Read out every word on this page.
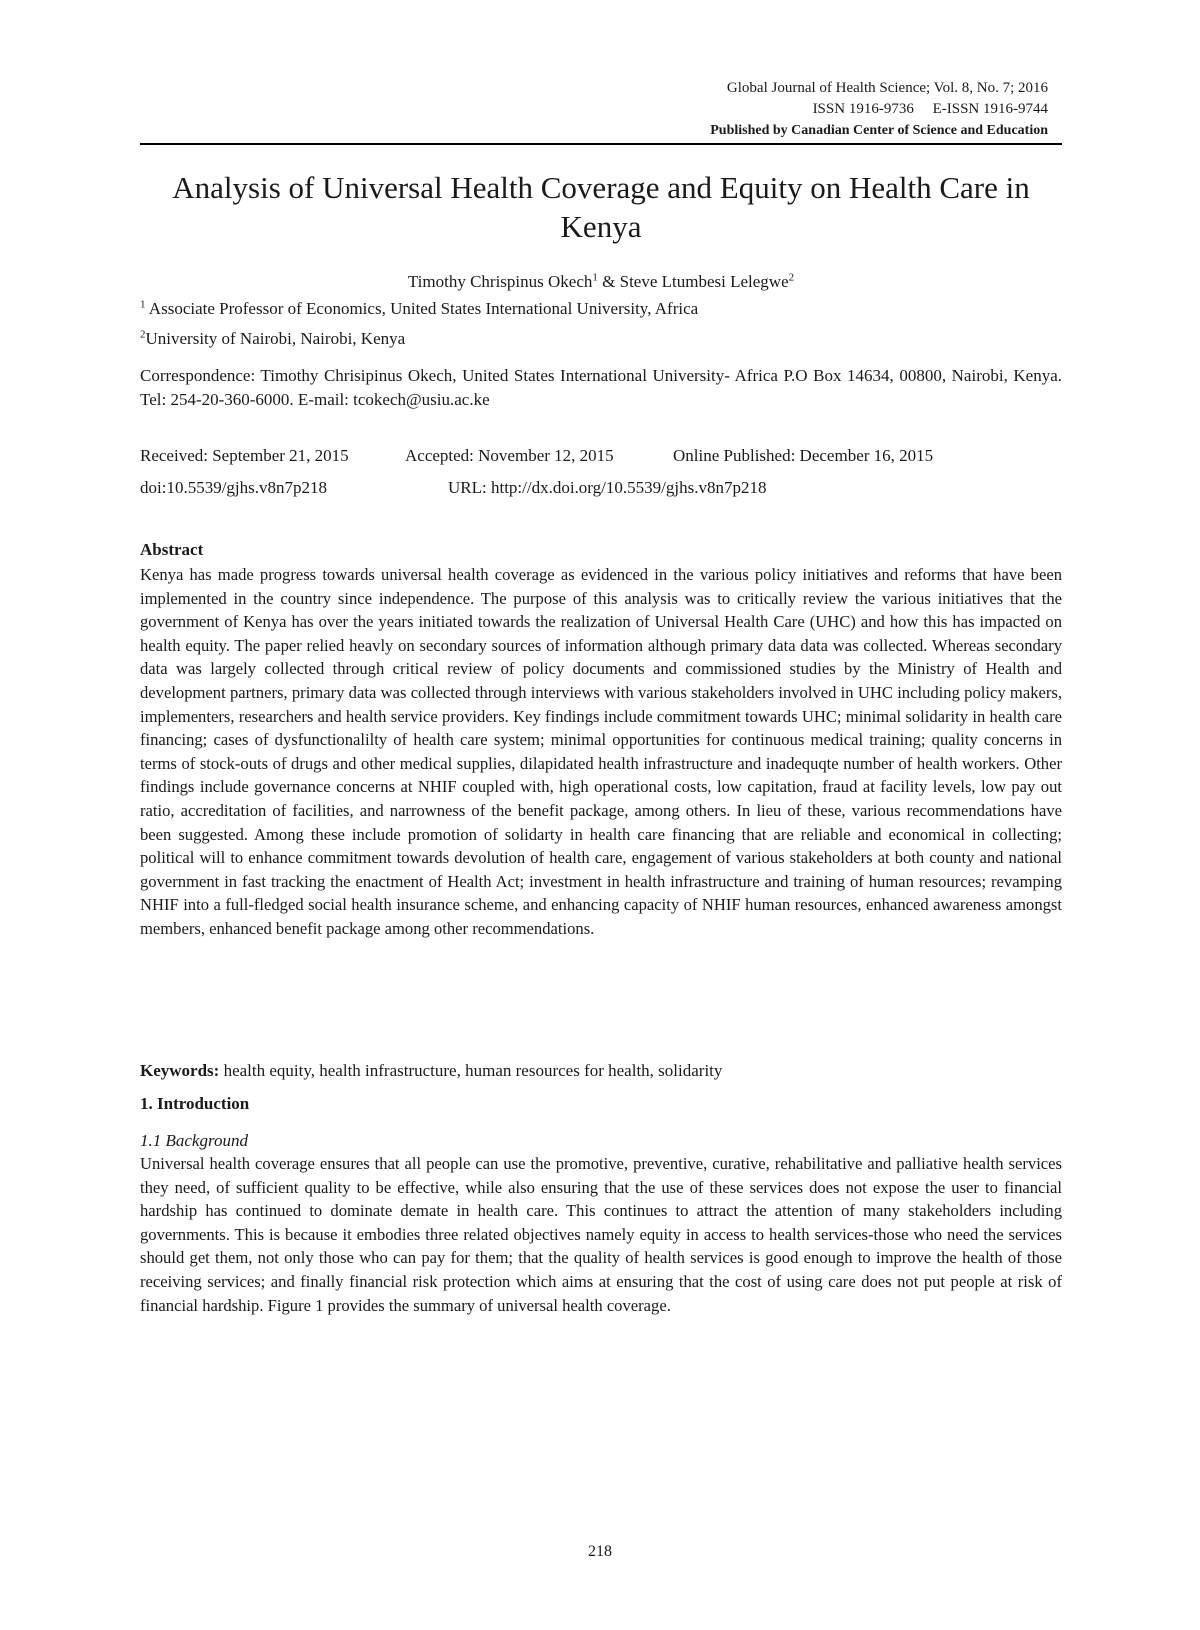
Global Journal of Health Science; Vol. 8, No. 7; 2016
ISSN 1916-9736     E-ISSN 1916-9744
Published by Canadian Center of Science and Education
Analysis of Universal Health Coverage and Equity on Health Care in Kenya
Timothy Chrispinus Okech$^1$ & Steve Ltumbesi Lelegwe$^2$
$^1$ Associate Professor of Economics, United States International University, Africa
$^2$University of Nairobi, Nairobi, Kenya

Correspondence: Timothy Chrisipinus Okech, United States International University- Africa P.O Box 14634, 00800, Nairobi, Kenya. Tel: 254-20-360-6000. E-mail: tcokech@usiu.ac.ke

Received: September 21, 2015	Accepted: November 12, 2015	Online Published: December 16, 2015
doi:10.5539/gjhs.v8n7p218	URL: http://dx.doi.org/10.5539/gjhs.v8n7p218
Abstract

Kenya has made progress towards universal health coverage as evidenced in the various policy initiatives and reforms that have been implemented in the country since independence. The purpose of this analysis was to critically review the various initiatives that the government of Kenya has over the years initiated towards the realization of Universal Health Care (UHC) and how this has impacted on health equity. The paper relied heavly on secondary sources of information although primary data data was collected. Whereas secondary data was largely collected through critical review of policy documents and commissioned studies by the Ministry of Health and development partners, primary data was collected through interviews with various stakeholders involved in UHC including policy makers, implementers, researchers and health service providers. Key findings include commitment towards UHC; minimal solidarity in health care financing; cases of dysfunctionalilty of health care system; minimal opportunities for continuous medical training; quality concerns in terms of stock-outs of drugs and other medical supplies, dilapidated health infrastructure and inadequqte number of health workers. Other findings include governance concerns at NHIF coupled with, high operational costs, low capitation, fraud at facility levels, low pay out ratio, accreditation of facilities, and narrowness of the benefit package, among others. In lieu of these, various recommendations have been suggested. Among these include promotion of solidarty in health care financing that are reliable and economical in collecting; political will to enhance commitment towards devolution of health care, engagement of various stakeholders at both county and national government in fast tracking the enactment of Health Act; investment in health infrastructure and training of human resources; revamping NHIF into a full-fledged social health insurance scheme, and enhancing capacity of NHIF human resources, enhanced awareness amongst members, enhanced benefit package among other recommendations.

Keywords: health equity, health infrastructure, human resources for health, solidarity
1. Introduction
1.1 Background

Universal health coverage ensures that all people can use the promotive, preventive, curative, rehabilitative and palliative health services they need, of sufficient quality to be effective, while also ensuring that the use of these services does not expose the user to financial hardship has continued to dominate demate in health care. This continues to attract the attention of many stakeholders including governments. This is because it embodies three related objectives namely equity in access to health services-those who need the services should get them, not only those who can pay for them; that the quality of health services is good enough to improve the health of those receiving services; and finally financial risk protection which aims at ensuring that the cost of using care does not put people at risk of financial hardship. Figure 1 provides the summary of universal health coverage.

218
